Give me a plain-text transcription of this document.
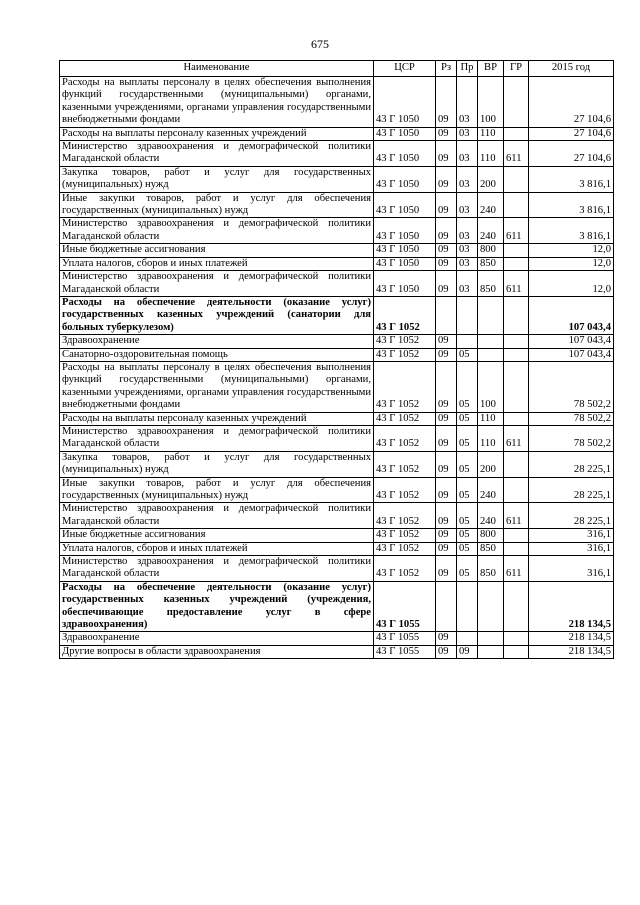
675
Наименование	ЦСР	Рз	Пр	ВР	ГР	2015 год
Расходы на выплаты персоналу в целях обеспечения выполнения функций государственными (муниципальными) органами, казенными учреждениями, органами управления государственными внебюджетными фондами	43 Г 1050	09	03	100		27 104,6
Расходы на выплаты персоналу казенных учреждений	43 Г 1050	09	03	110		27 104,6
Министерство здравоохранения и демографической политики Магаданской области	43 Г 1050	09	03	110	611	27 104,6
Закупка товаров, работ и услуг для государственных (муниципальных) нужд	43 Г 1050	09	03	200		3 816,1
Иные закупки товаров, работ и услуг для обеспечения государственных (муниципальных) нужд	43 Г 1050	09	03	240		3 816,1
Министерство здравоохранения и демографической политики Магаданской области	43 Г 1050	09	03	240	611	3 816,1
Иные бюджетные ассигнования	43 Г 1050	09	03	800		12,0
Уплата налогов, сборов и иных платежей	43 Г 1050	09	03	850		12,0
Министерство здравоохранения и демографической политики Магаданской области	43 Г 1050	09	03	850	611	12,0
Расходы на обеспечение деятельности (оказание услуг) государственных казенных учреждений (санатории для больных туберкулезом)	43 Г 1052					107 043,4
Здравоохранение	43 Г 1052	09				107 043,4
Санаторно-оздоровительная помощь	43 Г 1052	09	05			107 043,4
Расходы на выплаты персоналу в целях обеспечения выполнения функций государственными (муниципальными) органами, казенными учреждениями, органами управления государственными внебюджетными фондами	43 Г 1052	09	05	100		78 502,2
Расходы на выплаты персоналу казенных учреждений	43 Г 1052	09	05	110		78 502,2
Министерство здравоохранения и демографической политики Магаданской области	43 Г 1052	09	05	110	611	78 502,2
Закупка товаров, работ и услуг для государственных (муниципальных) нужд	43 Г 1052	09	05	200		28 225,1
Иные закупки товаров, работ и услуг для обеспечения государственных (муниципальных) нужд	43 Г 1052	09	05	240		28 225,1
Министерство здравоохранения и демографической политики Магаданской области	43 Г 1052	09	05	240	611	28 225,1
Иные бюджетные ассигнования	43 Г 1052	09	05	800		316,1
Уплата налогов, сборов и иных платежей	43 Г 1052	09	05	850		316,1
Министерство здравоохранения и демографической политики Магаданской области	43 Г 1052	09	05	850	611	316,1
Расходы на обеспечение деятельности (оказание услуг) государственных казенных учреждений (учреждения, обеспечивающие предоставление услуг в сфере здравоохранения)	43 Г 1055					218 134,5
Здравоохранение	43 Г 1055	09				218 134,5
Другие вопросы в области здравоохранения	43 Г 1055	09	09			218 134,5
